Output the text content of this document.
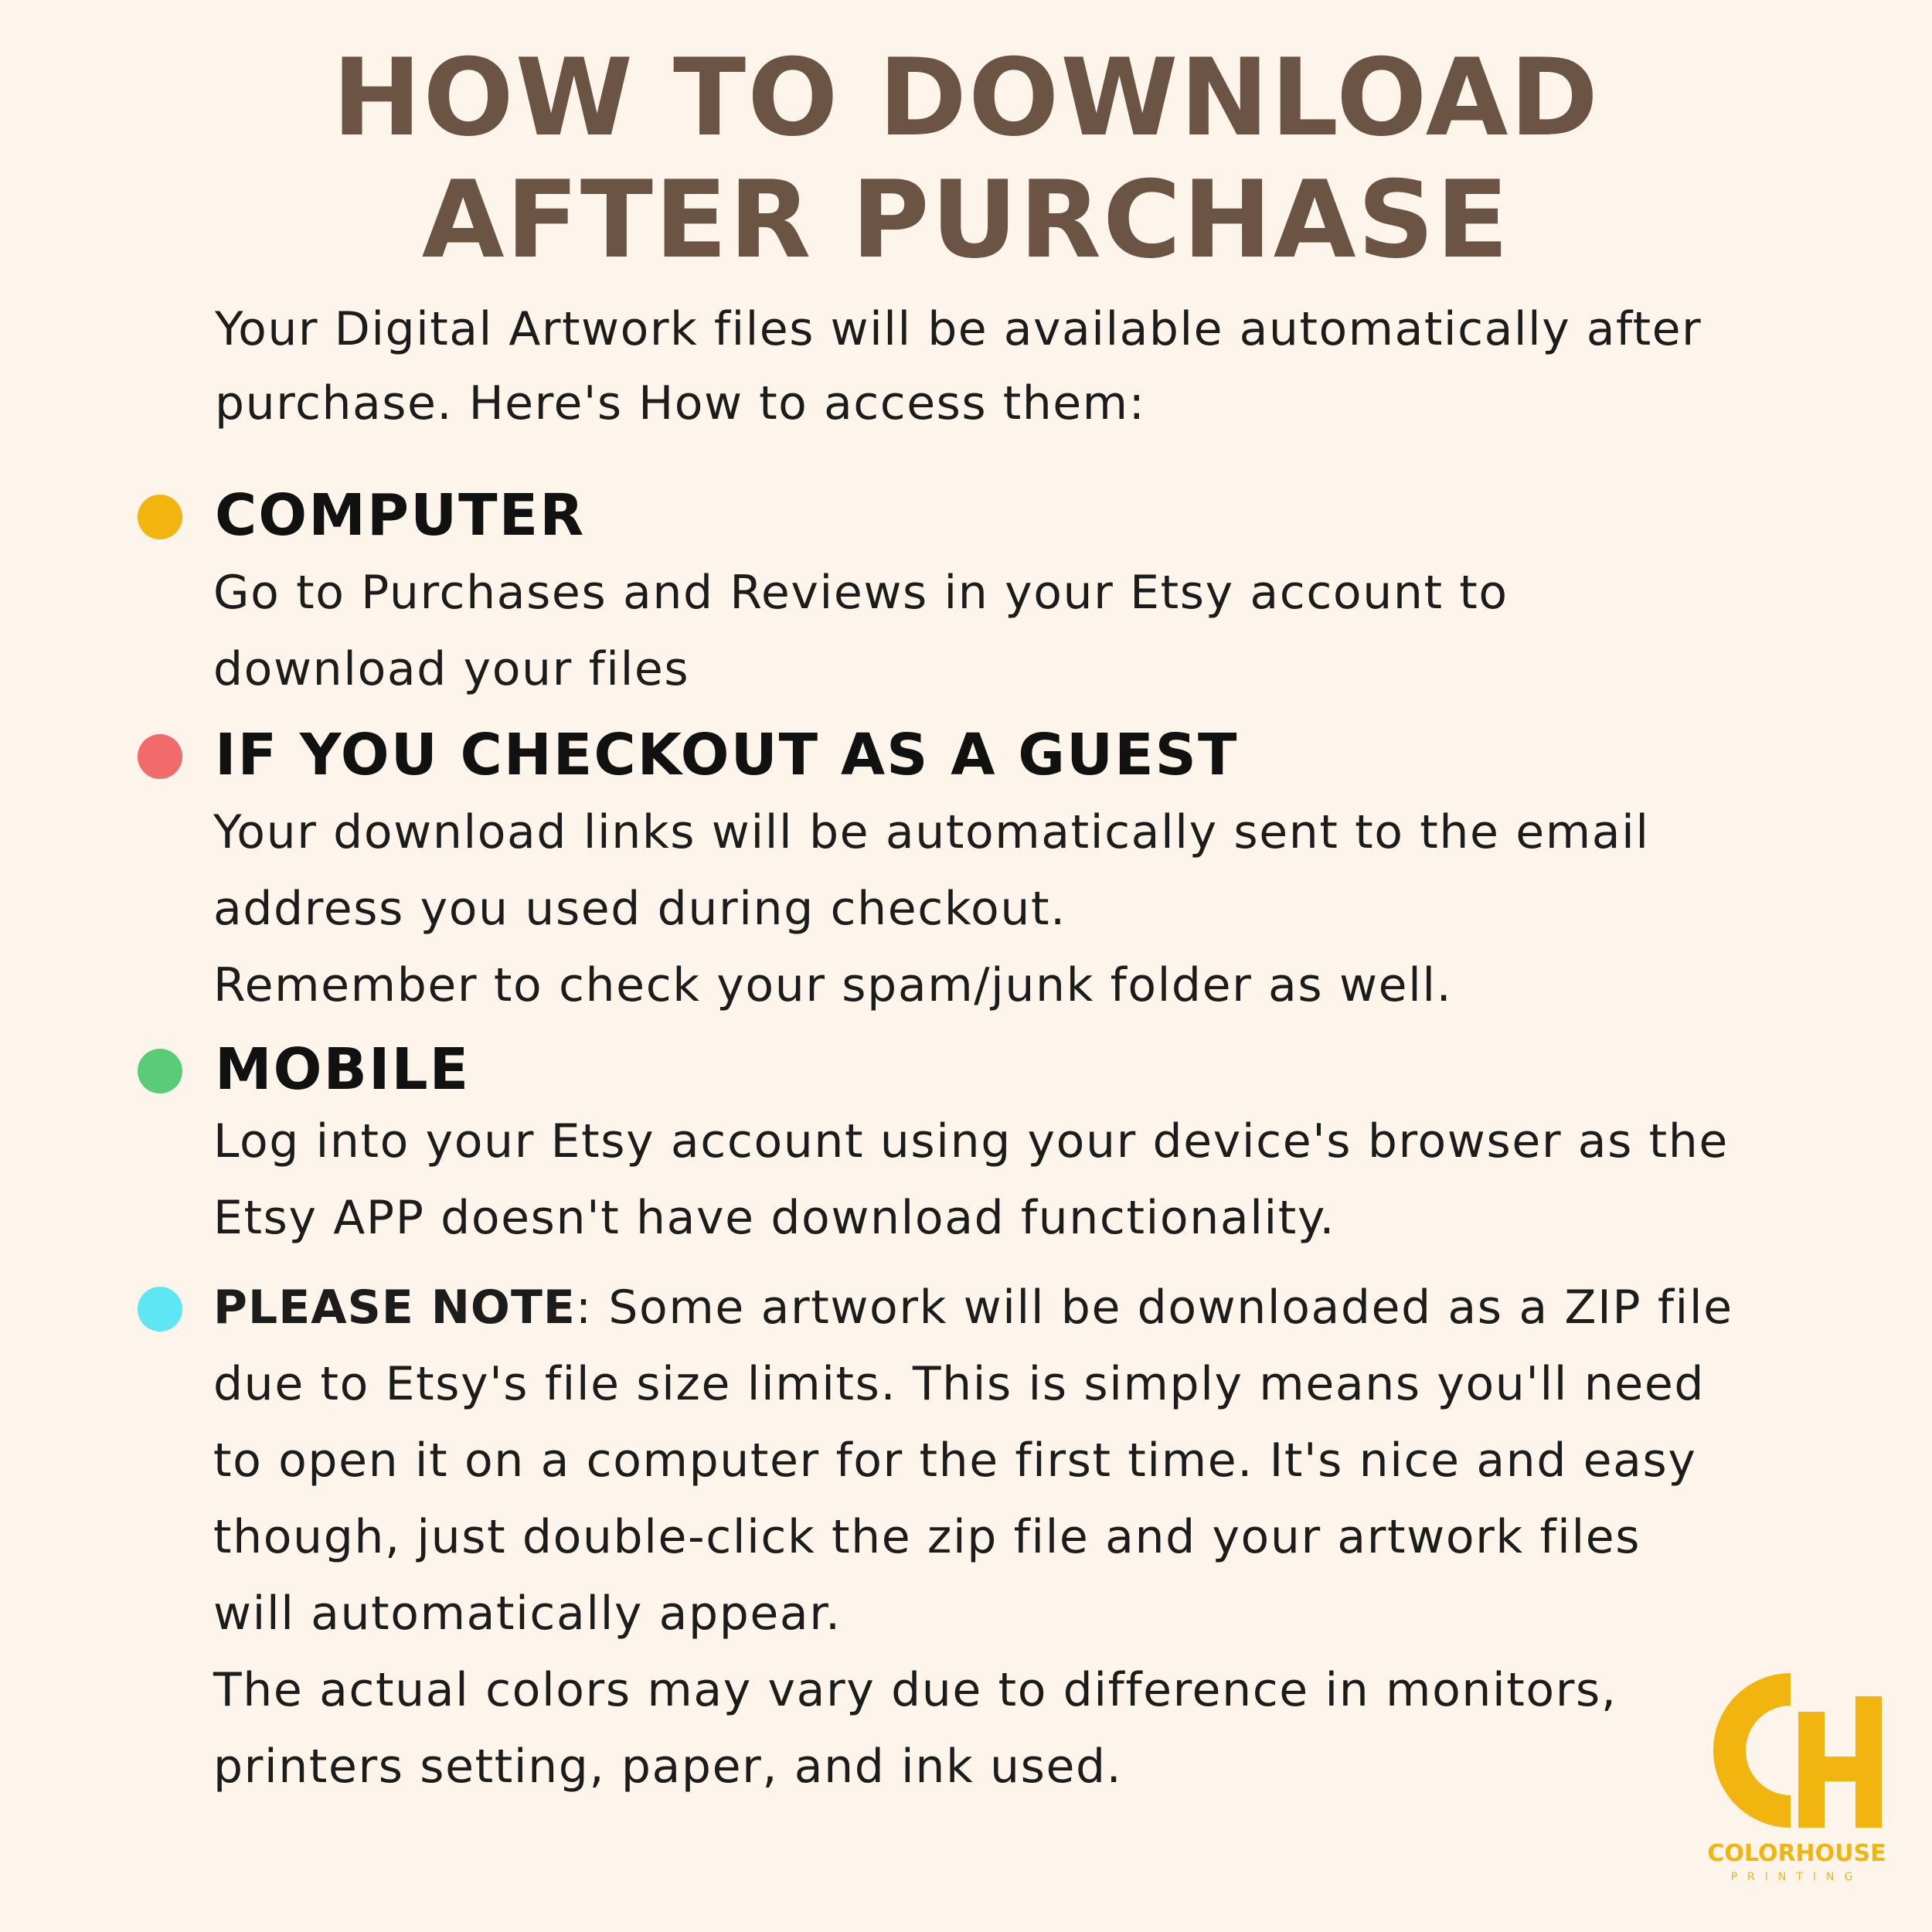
HOW TO DOWNLOAD
AFTER PURCHASE
Your Digital Artwork files will be available automatically after
purchase. Here's How to access them:
COMPUTER
Go to Purchases and Reviews in your Etsy account to
download your files
IF YOU CHECKOUT AS A GUEST
Your download links will be automatically sent to the email
address you used during checkout.
Remember to check your spam/junk folder as well.
MOBILE
Log into your Etsy account using your device's browser as the
Etsy APP doesn't have download functionality.
PLEASE NOTE: Some artwork will be downloaded as a ZIP file
due to Etsy's file size limits. This is simply means you'll need
to open it on a computer for the first time. It's nice and easy
though, just double-click the zip file and your artwork files
will automatically appear.
The actual colors may vary due to difference in monitors,
printers setting, paper, and ink used.
COLORHOUSE
PRINTING
